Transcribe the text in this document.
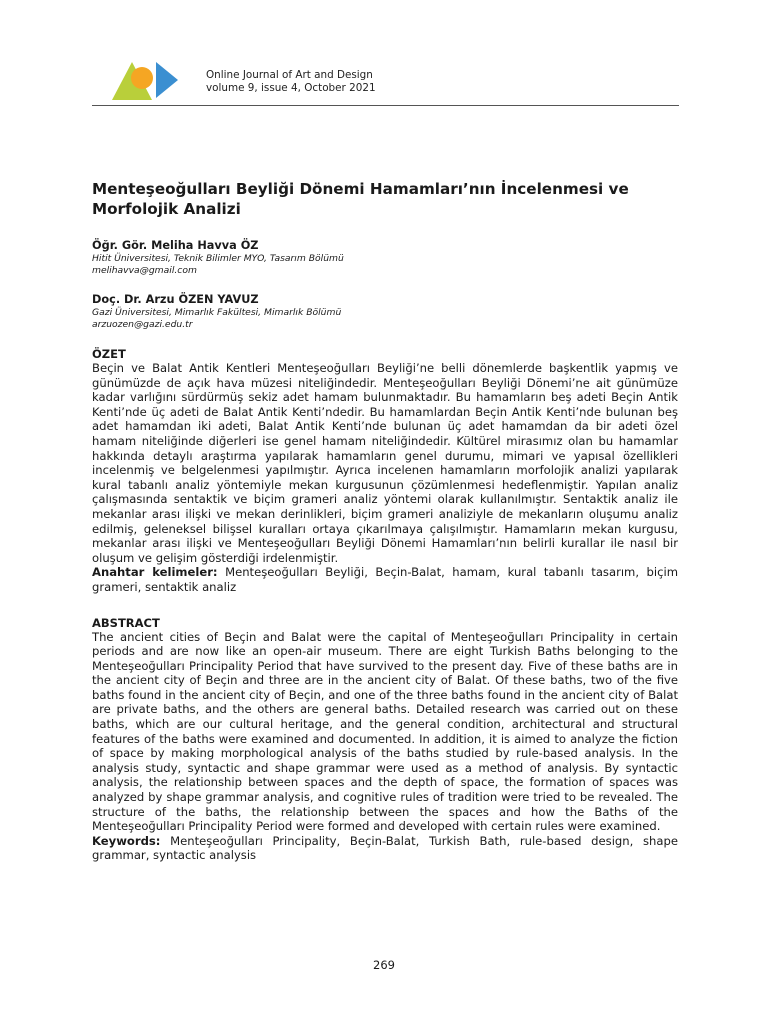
Online Journal of Art and Design
volume 9, issue 4, October 2021
Menteşeoğulları Beyliği Dönemi Hamamları’nın İncelenmesi ve Morfolojik Analizi
Öğr. Gör. Meliha Havva ÖZ
Hitit Üniversitesi, Teknik Bilimler MYO, Tasarım Bölümü
melihavva@gmail.com
Doç. Dr. Arzu ÖZEN YAVUZ
Gazi Üniversitesi, Mimarlık Fakültesi, Mimarlık Bölümü
arzuozen@gazi.edu.tr
ÖZET

Beçin ve Balat Antik Kentleri Menteşeoğulları Beyliği’ne belli dönemlerde başkentlik yapmış ve günümüzde de açık hava müzesi niteliğindedir. Menteşeoğulları Beyliği Dönemi’ne ait günümüze kadar varlığını sürdürmüş sekiz adet hamam bulunmaktadır. Bu hamamların beş adeti Beçin Antik Kenti’nde üç adeti de Balat Antik Kenti’ndedir. Bu hamamlardan Beçin Antik Kenti’nde bulunan beş adet hamamdan iki adeti, Balat Antik Kenti’nde bulunan üç adet hamamdan da bir adeti özel hamam niteliğinde diğerleri ise genel hamam niteliğindedir. Kültürel mirasımız olan bu hamamlar hakkında detaylı araştırma yapılarak hamamların genel durumu, mimari ve yapısal özellikleri incelenmiş ve belgelenmesi yapılmıştır. Ayrıca incelenen hamamların morfolojik analizi yapılarak kural tabanlı analiz yöntemiyle mekan kurgusunun çözümlenmesi hedeflenmiştir. Yapılan analiz çalışmasında sentaktik ve biçim grameri analiz yöntemi olarak kullanılmıştır. Sentaktik analiz ile mekanlar arası ilişki ve mekan derinlikleri, biçim grameri analiziyle de mekanların oluşumu analiz edilmiş, geleneksel bilişsel kuralları ortaya çıkarılmaya çalışılmıştır. Hamamların mekan kurgusu, mekanlar arası ilişki ve Menteşeoğulları Beyliği Dönemi Hamamları’nın belirli kurallar ile nasıl bir oluşum ve gelişim gösterdiği irdelenmiştir.

Anahtar kelimeler: Menteşeoğulları Beyliği, Beçin-Balat, hamam, kural tabanlı tasarım, biçim grameri, sentaktik analiz

ABSTRACT

The ancient cities of Beçin and Balat were the capital of Menteşeoğulları Principality in certain periods and are now like an open-air museum. There are eight Turkish Baths belonging to the Menteşeoğulları Principality Period that have survived to the present day. Five of these baths are in the ancient city of Beçin and three are in the ancient city of Balat. Of these baths, two of the five baths found in the ancient city of Beçin, and one of the three baths found in the ancient city of Balat are private baths, and the others are general baths. Detailed research was carried out on these baths, which are our cultural heritage, and the general condition, architectural and structural features of the baths were examined and documented. In addition, it is aimed to analyze the fiction of space by making morphological analysis of the baths studied by rule-based analysis. In the analysis study, syntactic and shape grammar were used as a method of analysis. By syntactic analysis, the relationship between spaces and the depth of space, the formation of spaces was analyzed by shape grammar analysis, and cognitive rules of tradition were tried to be revealed. The structure of the baths, the relationship between the spaces and how the Baths of the Menteşeoğulları Principality Period were formed and developed with certain rules were examined.

Keywords: Menteşeoğulları Principality, Beçin-Balat, Turkish Bath, rule-based design, shape grammar, syntactic analysis

269
